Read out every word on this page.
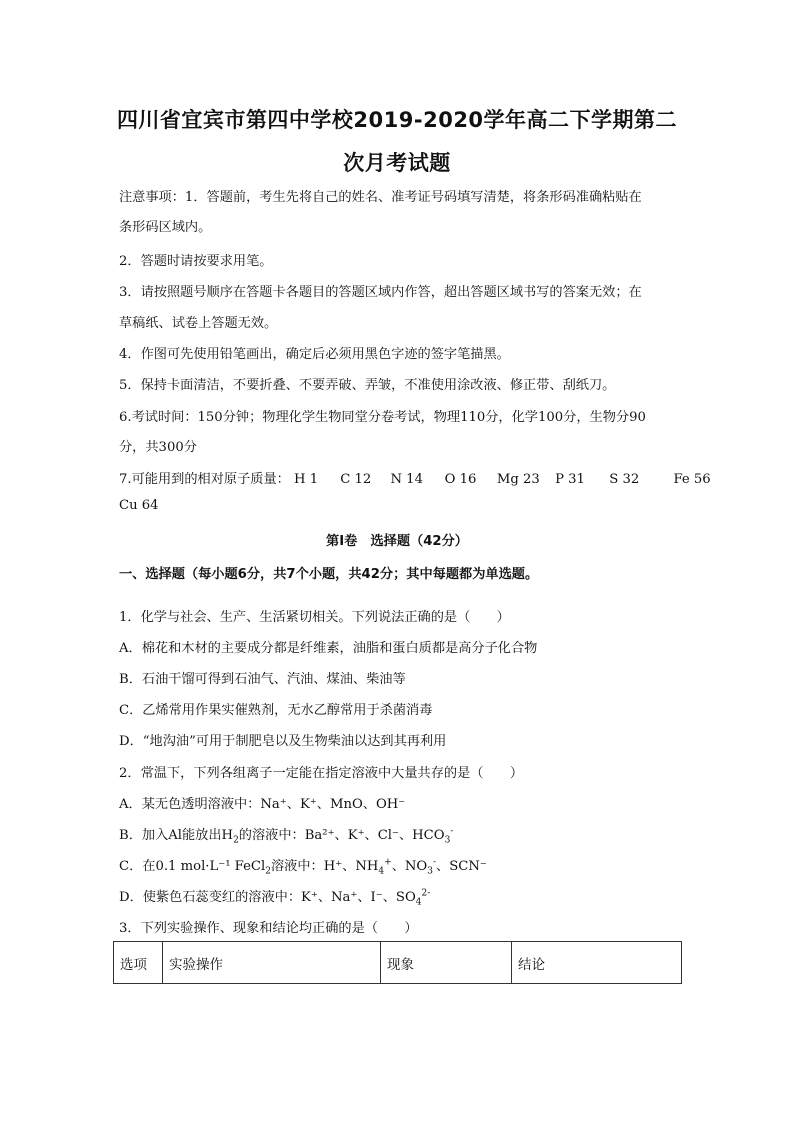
四川省宜宾市第四中学校2019-2020学年高二下学期第二
次月考试题
注意事项：1．答题前，考生先将自己的姓名、准考证号码填写清楚，将条形码准确粘贴在
条形码区域内。
2．答题时请按要求用笔。
3．请按照题号顺序在答题卡各题目的答题区域内作答，超出答题区域书写的答案无效；在
草稿纸、试卷上答题无效。
4．作图可先使用铅笔画出，确定后必须用黑色字迹的签字笔描黑。
5．保持卡面清洁，不要折叠、不要弄破、弄皱，不准使用涂改液、修正带、刮纸刀。
6.考试时间：150分钟；物理化学生物同堂分卷考试，物理110分，化学100分，生物分90
分，共300分
7.可能用到的相对原子质量： H 1 C 12 N 14 O 16 Mg 23 P 31 S 32	Fe 56
Cu 64
第I卷　选择题（42分）
一、选择题（每小题6分，共7个小题，共42分；其中每题都为单选题。
1．化学与社会、生产、生活紧切相关。下列说法正确的是（　　）
A．棉花和木材的主要成分都是纤维素，油脂和蛋白质都是高分子化合物
B．石油干馏可得到石油气、汽油、煤油、柴油等
C．乙烯常用作果实催熟剂，无水乙醇常用于杀菌消毒
D．“地沟油”可用于制肥皂以及生物柴油以达到其再利用
2．常温下，下列各组离子一定能在指定溶液中大量共存的是（　　）
A．某无色透明溶液中：Na⁺、K⁺、MnO、OH⁻
B．加入Al能放出$H_2$的溶液中：Ba²⁺、K⁺、Cl⁻、$HCO_3^-$
C．在0.1 mol·L⁻¹ FeCl$_2$溶液中：H⁺、$NH_4^+$、$NO_3^-$、SCN⁻
D．使紫色石蕊变红的溶液中：K⁺、Na⁺、I⁻、$SO_4^{2-}$
3．下列实验操作、现象和结论均正确的是（　　）
选项	实验操作	现象	结论
